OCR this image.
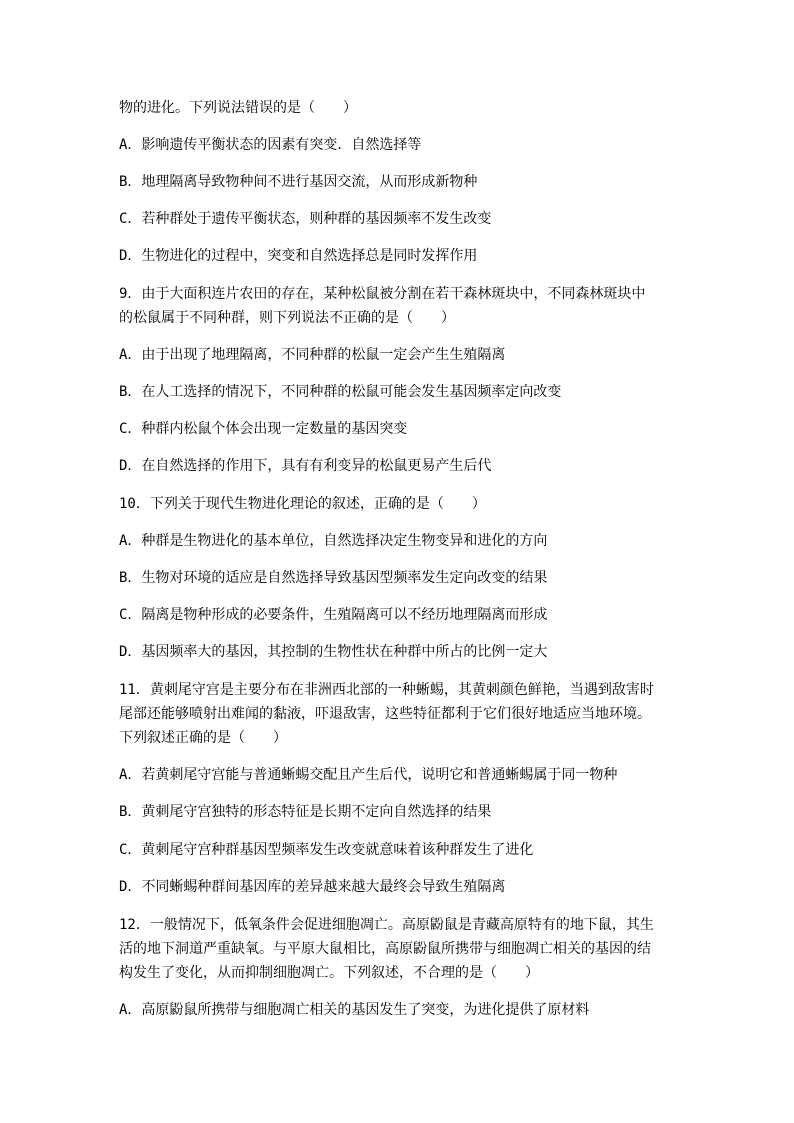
物的进化。下列说法错误的是（　　）
A．影响遗传平衡状态的因素有突变．自然选择等
B．地理隔离导致物种间不进行基因交流，从而形成新物种
C．若种群处于遗传平衡状态，则种群的基因频率不发生改变
D．生物进化的过程中，突变和自然选择总是同时发挥作用
9．由于大面积连片农田的存在，某种松鼠被分割在若干森林斑块中，不同森林斑块中
的松鼠属于不同种群，则下列说法不正确的是（　　）
A．由于出现了地理隔离，不同种群的松鼠一定会产生生殖隔离
B．在人工选择的情况下，不同种群的松鼠可能会发生基因频率定向改变
C．种群内松鼠个体会出现一定数量的基因突变
D．在自然选择的作用下，具有有利变异的松鼠更易产生后代
10．下列关于现代生物进化理论的叙述，正确的是（　　）
A．种群是生物进化的基本单位，自然选择决定生物变异和进化的方向
B．生物对环境的适应是自然选择导致基因型频率发生定向改变的结果
C．隔离是物种形成的必要条件，生殖隔离可以不经历地理隔离而形成
D．基因频率大的基因，其控制的生物性状在种群中所占的比例一定大
11．黄刺尾守宫是主要分布在非洲西北部的一种蜥蜴，其黄刺颜色鲜艳，当遇到敌害时
尾部还能够喷射出难闻的黏液，吓退敌害，这些特征都利于它们很好地适应当地环境。
下列叙述正确的是（　　）
A．若黄刺尾守宫能与普通蜥蜴交配且产生后代，说明它和普通蜥蜴属于同一物种
B．黄刺尾守宫独特的形态特征是长期不定向自然选择的结果
C．黄刺尾守宫种群基因型频率发生改变就意味着该种群发生了进化
D．不同蜥蜴种群间基因库的差异越来越大最终会导致生殖隔离
12．一般情况下，低氧条件会促进细胞凋亡。高原鼢鼠是青藏高原特有的地下鼠，其生
活的地下洞道严重缺氧。与平原大鼠相比，高原鼢鼠所携带与细胞凋亡相关的基因的结
构发生了变化，从而抑制细胞凋亡。下列叙述，不合理的是（　　）
A．高原鼢鼠所携带与细胞凋亡相关的基因发生了突变，为进化提供了原材料
